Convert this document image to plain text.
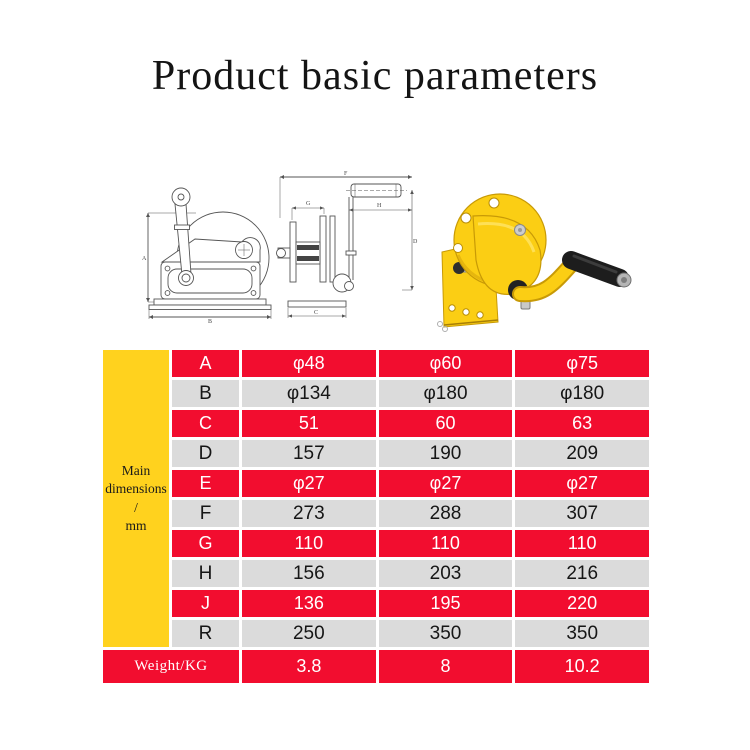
Product basic parameters
A
B
F
G	H
D
C
Main dimensions
/
mm
A	φ48	φ60	φ75
B	φ134	φ180	φ180
C	51	60	63
D	157	190	209
E	φ27	φ27	φ27
F	273	288	307
G	110	110	110
H	156	203	216
J	136	195	220
R	250	350	350
Weight/KG	3.8	8	10.2
